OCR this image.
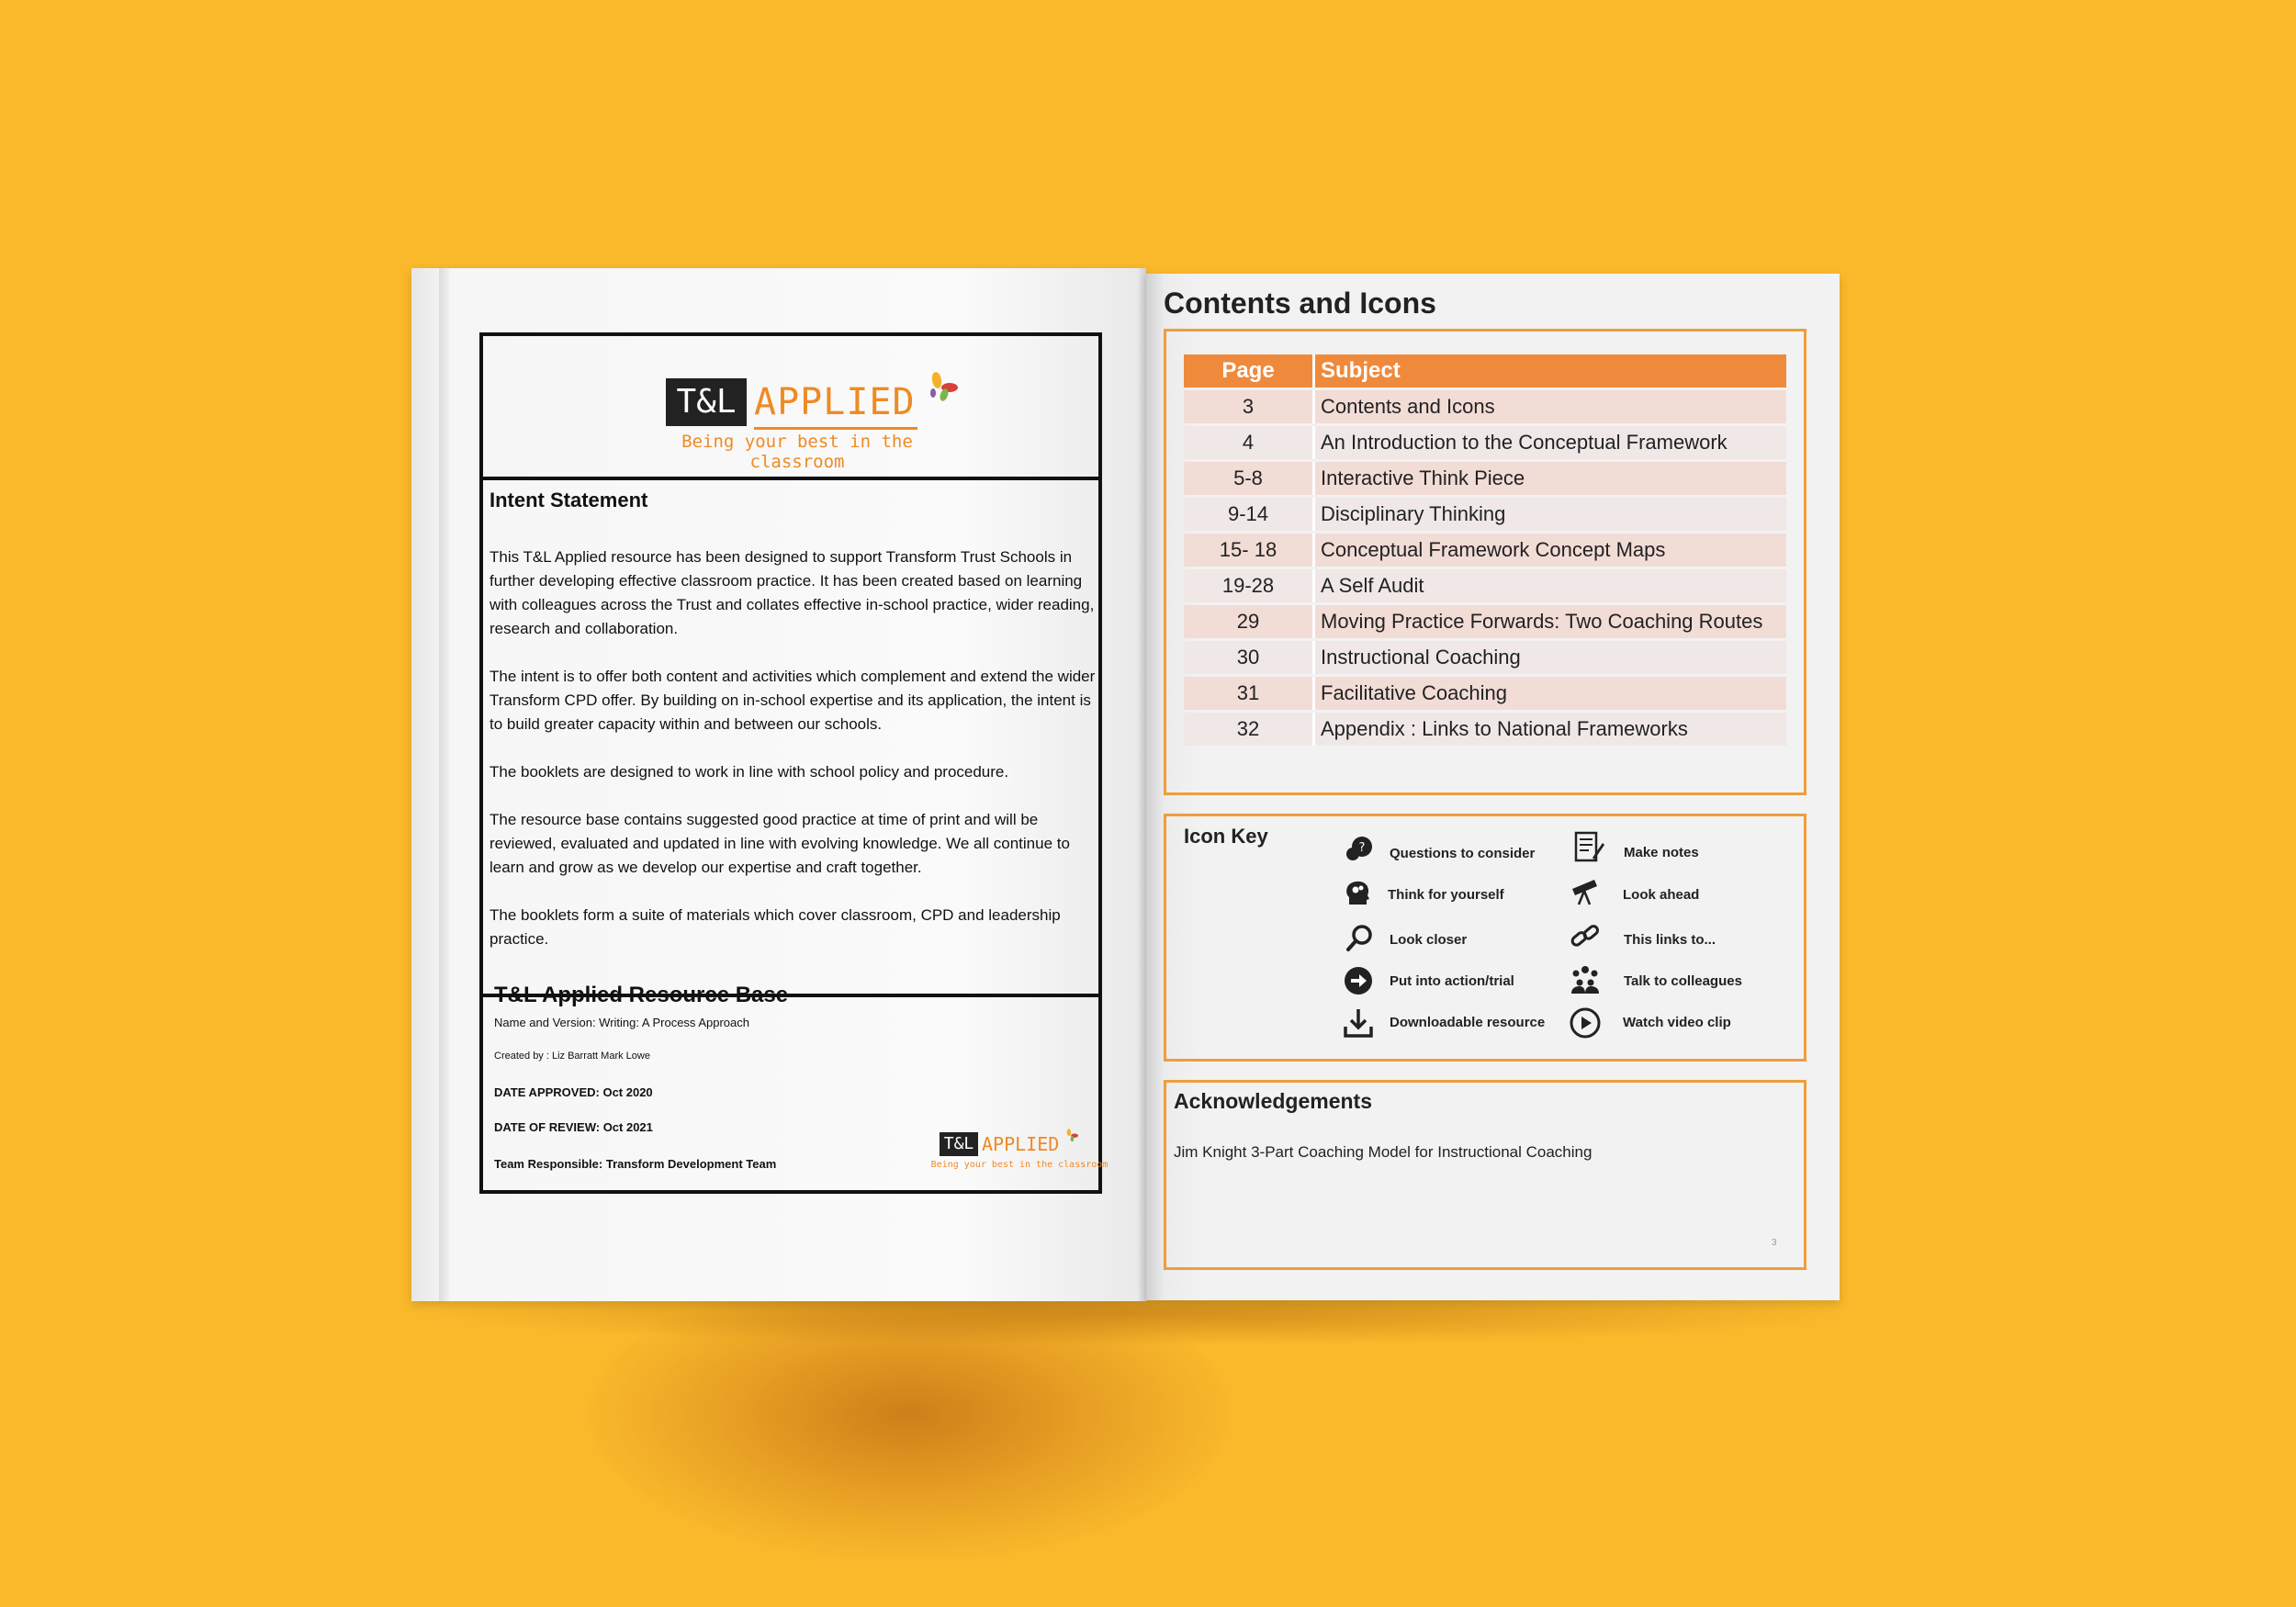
T&L APPLIED
Being your best in the classroom
Intent Statement
This T&L Applied resource has been designed to support Transform Trust Schools in further developing effective classroom practice. It has been created based on learning with colleagues across the Trust and collates effective in-school practice, wider reading, research and collaboration.
The intent is to offer both content and activities which complement and extend the wider Transform CPD offer. By building on in-school expertise and its application, the intent is to build greater capacity within and between our schools.
The booklets are designed to work in line with school policy and procedure.
The resource base contains suggested good practice at time of print and will be reviewed, evaluated and updated in line with evolving knowledge. We all continue to learn and grow as we develop our expertise and craft together.
The booklets form a suite of materials which cover classroom, CPD and leadership practice.
T&L Applied Resource Base
Name and Version: Writing: A Process Approach
Created by : Liz Barratt Mark Lowe
DATE APPROVED: Oct 2020
DATE OF REVIEW: Oct 2021
Team Responsible: Transform Development Team
T&L APPLIED
Being your best in the classroom
Contents and Icons
Page	Subject
3	Contents and Icons
4	An Introduction to the Conceptual Framework
5-8	Interactive Think Piece
9-14	Disciplinary Thinking
15- 18	Conceptual Framework Concept Maps
19-28	A Self Audit
29	Moving Practice Forwards: Two Coaching Routes
30	Instructional Coaching
31	Facilitative Coaching
32	Appendix : Links to National Frameworks
Icon Key
? Questions to consider
Think for yourself
Look closer
Put into action/trial
Downloadable resource
Make notes
Look ahead
This links to...
Talk to colleagues
Watch video clip
Acknowledgements
Jim Knight 3-Part Coaching Model for Instructional Coaching
3
